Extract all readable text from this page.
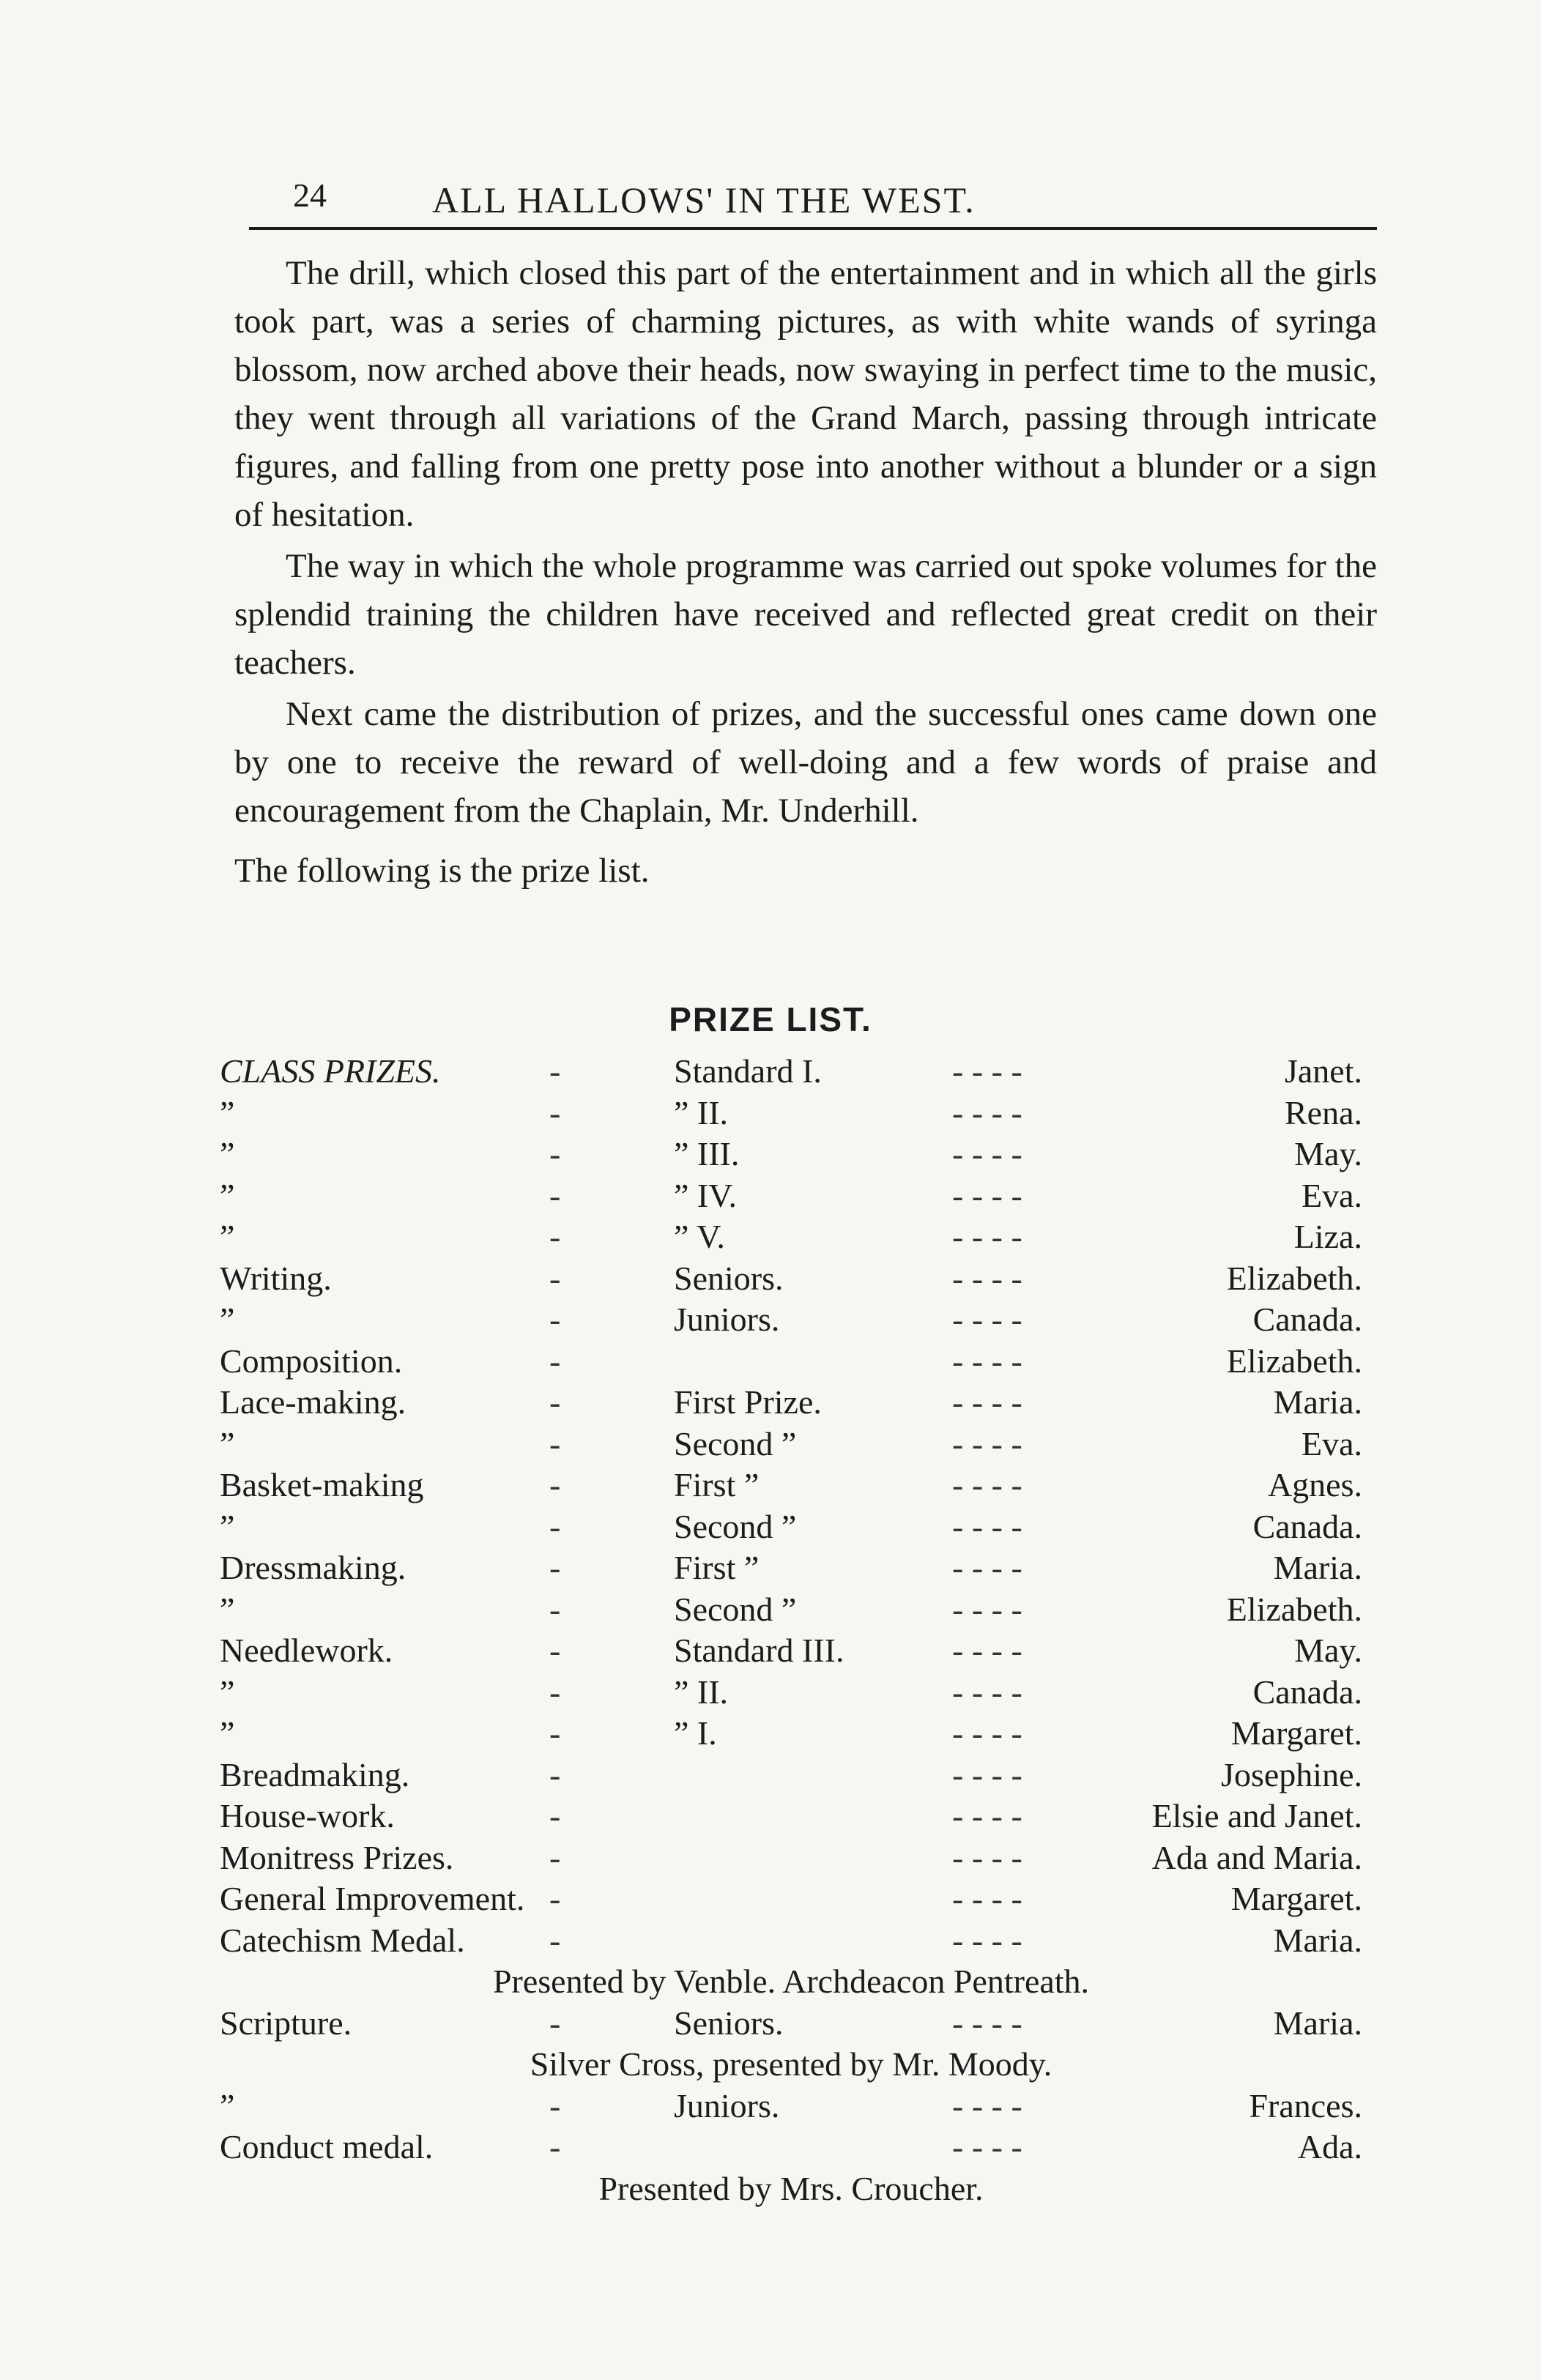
24	ALL HALLOWS' IN THE WEST.

The drill, which closed this part of the entertainment and in which all the girls took part, was a series of charming pictures, as with white wands of syringa blossom, now arched above their heads, now swaying in perfect time to the music, they went through all variations of the Grand March, passing through intricate figures, and falling from one pretty pose into another without a blunder or a sign of hesitation.

The way in which the whole programme was carried out spoke volumes for the splendid training the children have received and reflected great credit on their teachers.

Next came the distribution of prizes, and the successful ones came down one by one to receive the reward of well-doing and a few words of praise and encouragement from the Chaplain, Mr. Underhill.

The following is the prize list.

PRIZE LIST.
CLASS PRIZES.	-	Standard I.	- - - -	Janet.
”	-	” II.	- - - -	Rena.
”	-	” III.	- - - -	May.
”	-	” IV.	- - - -	Eva.
”	-	” V.	- - - -	Liza.
Writing.	-	Seniors.	- - - -	Elizabeth.
”	-	Juniors.	- - - -	Canada.
Composition.	-	- - - -	Elizabeth.
Lace-making.	-	First Prize.	- - - -	Maria.
”	-	Second ”	- - - -	Eva.
Basket-making	-	First ”	- - - -	Agnes.
”	-	Second ”	- - - -	Canada.
Dressmaking.	-	First ”	- - - -	Maria.
”	-	Second ”	- - - -	Elizabeth.
Needlework.	-	Standard III.	- - - -	May.
”	-	” II.	- - - -	Canada.
”	-	” I.	- - - -	Margaret.
Breadmaking.	-	- - - -	Josephine.
House-work.	-	- - - -	Elsie and Janet.
Monitress Prizes.	-	- - - -	Ada and Maria.
General Improvement. -	- - - -	Margaret.
Catechism Medal.	-	- - - -	Maria.
Presented by Venble. Archdeacon Pentreath.
Scripture.	-	Seniors.	- - - -	Maria.
Silver Cross, presented by Mr. Moody.
”	-	Juniors.	- - - -	Frances.
Conduct medal.	-	- - - -	Ada.
Presented by Mrs. Croucher.
